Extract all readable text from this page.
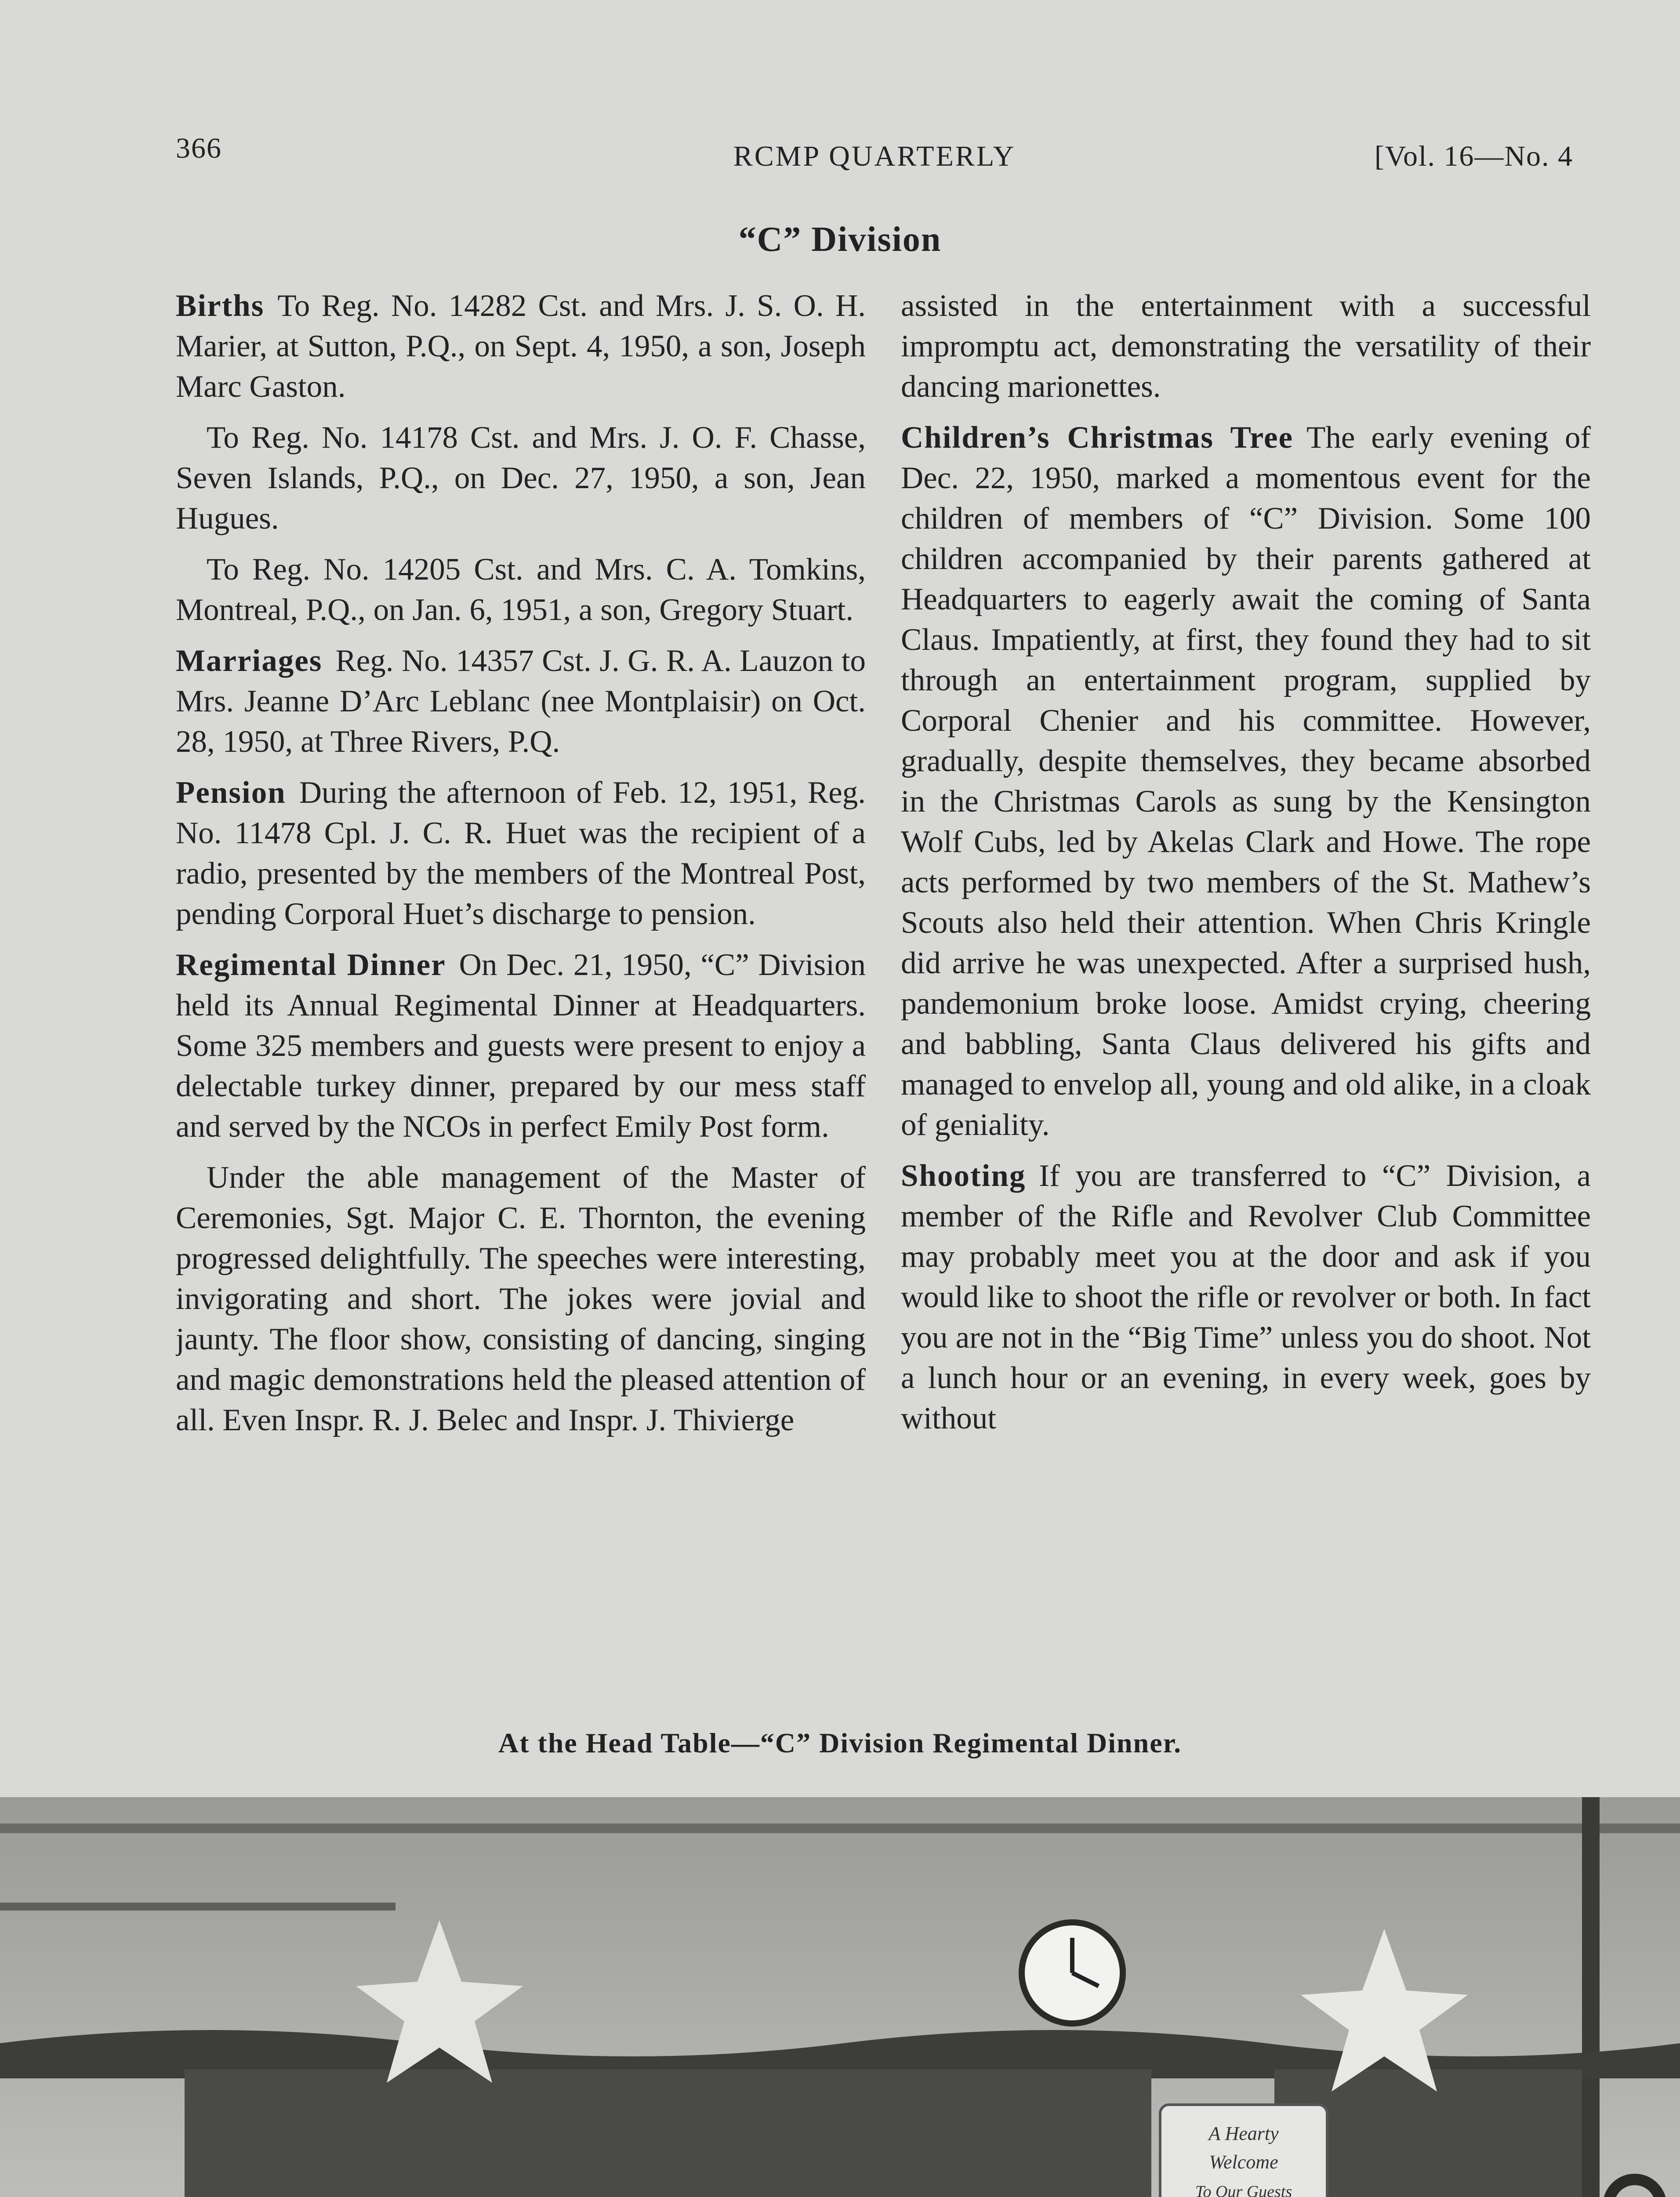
366	RCMP QUARTERLY	[Vol. 16—No. 4
“C” Division

Births To Reg. No. 14282 Cst. and Mrs. J. S. O. H. Marier, at Sutton, P.Q., on Sept. 4, 1950, a son, Joseph Marc Gaston.

To Reg. No. 14178 Cst. and Mrs. J. O. F. Chasse, Seven Islands, P.Q., on Dec. 27, 1950, a son, Jean Hugues.

To Reg. No. 14205 Cst. and Mrs. C. A. Tomkins, Montreal, P.Q., on Jan. 6, 1951, a son, Gregory Stuart.

Marriages Reg. No. 14357 Cst. J. G. R. A. Lauzon to Mrs. Jeanne D’Arc Leblanc (nee Montplaisir) on Oct. 28, 1950, at Three Rivers, P.Q.

Pension During the afternoon of Feb. 12, 1951, Reg. No. 11478 Cpl. J. C. R. Huet was the recipient of a radio, presented by the members of the Montreal Post, pending Corporal Huet’s discharge to pension.

Regimental Dinner On Dec. 21, 1950, “C” Division held its Annual Regimental Dinner at Headquarters. Some 325 members and guests were present to enjoy a delectable turkey dinner, prepared by our mess staff and served by the NCOs in perfect Emily Post form.

Under the able management of the Master of Ceremonies, Sgt. Major C. E. Thornton, the evening progressed delightfully. The speeches were interesting, invigorating and short. The jokes were jovial and jaunty. The floor show, consisting of dancing, singing and magic demonstrations held the pleased attention of all. Even Inspr. R. J. Belec and Inspr. J. Thivierge

assisted in the entertainment with a successful impromptu act, demonstrating the versatility of their dancing marionettes.

Children’s Christmas Tree The early evening of Dec. 22, 1950, marked a momentous event for the children of members of “C” Division. Some 100 children accompanied by their parents gathered at Headquarters to eagerly await the coming of Santa Claus. Impatiently, at first, they found they had to sit through an entertainment program, supplied by Corporal Chenier and his committee. However, gradually, despite themselves, they became absorbed in the Christmas Carols as sung by the Kensington Wolf Cubs, led by Akelas Clark and Howe. The rope acts performed by two members of the St. Mathew’s Scouts also held their attention. When Chris Kringle did arrive he was unexpected. After a surprised hush, pandemonium broke loose. Amidst crying, cheering and babbling, Santa Claus delivered his gifts and managed to envelop all, young and old alike, in a cloak of geniality.

Shooting If you are transferred to “C” Division, a member of the Rifle and Revolver Club Committee may probably meet you at the door and ask if you would like to shoot the rifle or revolver or both. In fact you are not in the “Big Time” unless you do shoot. Not a lunch hour or an evening, in every week, goes by without

At the Head Table—“C” Division Regimental Dinner.
A Hearty
Welcome
To Our Guests
